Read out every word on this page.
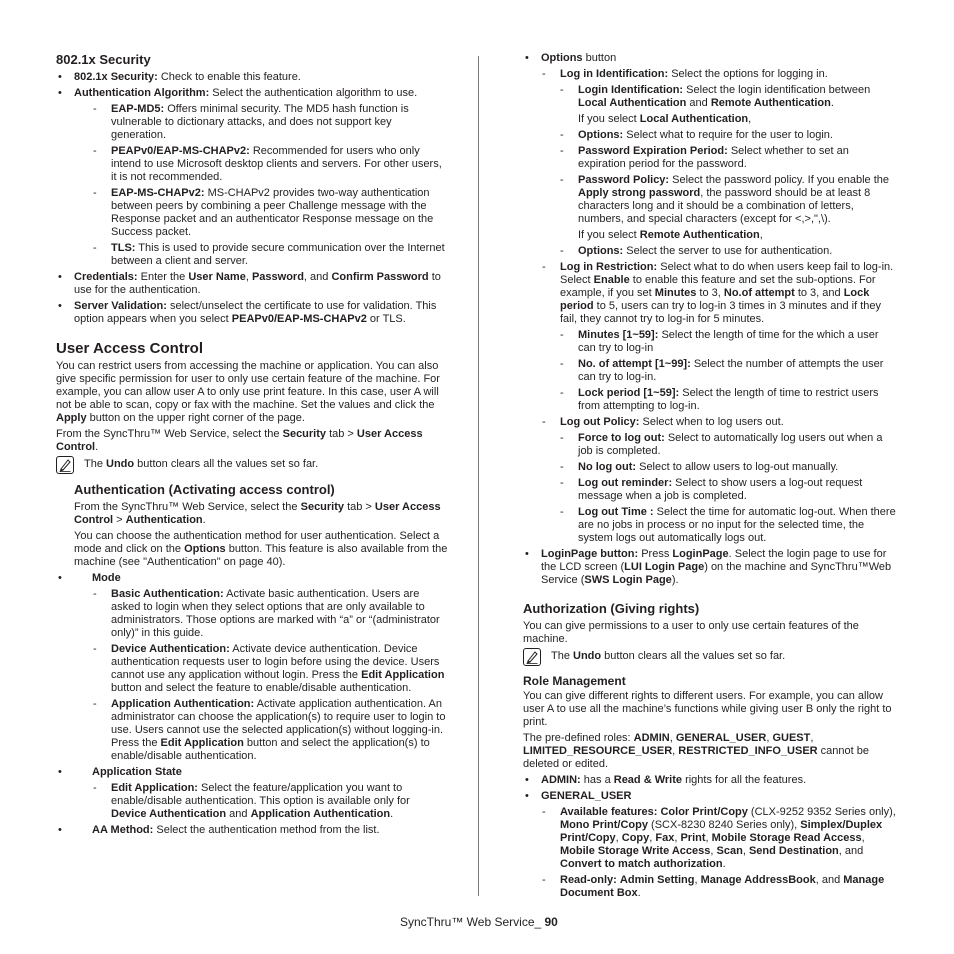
802.1x Security
• 802.1x Security: Check to enable this feature.
• Authentication Algorithm: Select the authentication algorithm to use.
- EAP-MD5: Offers minimal security. The MD5 hash function is vulnerable to dictionary attacks, and does not support key generation.
- PEAPv0/EAP-MS-CHAPv2: Recommended for users who only intend to use Microsoft desktop clients and servers. For other users, it is not recommended.
- EAP-MS-CHAPv2: MS-CHAPv2 provides two-way authentication between peers by combining a peer Challenge message with the Response packet and an authenticator Response message on the Success packet.
- TLS: This is used to provide secure communication over the Internet between a client and server.
• Credentials: Enter the User Name, Password, and Confirm Password to use for the authentication.
• Server Validation: select/unselect the certificate to use for validation. This option appears when you select PEAPv0/EAP-MS-CHAPv2 or TLS.
User Access Control

You can restrict users from accessing the machine or application. You can also give specific permission for user to only use certain feature of the machine. For example, you can allow user A to only use print feature. In this case, user A will not be able to scan, copy or fax with the machine. Set the values and click the Apply button on the upper right corner of the page.

From the SyncThru™ Web Service, select the Security tab > User Access Control.

The Undo button clears all the values set so far.
Authentication (Activating access control)

From the SyncThru™ Web Service, select the Security tab > User Access Control > Authentication.

You can choose the authentication method for user authentication. Select a mode and click on the Options button. This feature is also available from the machine (see "Authentication" on page 40).

• Mode
- Basic Authentication: Activate basic authentication. Users are asked to login when they select options that are only available to administrators. Those options are marked with “a” or “(administrator only)” in this guide.
- Device Authentication: Activate device authentication. Device authentication requests user to login before using the device. Users cannot use any application without login. Press the Edit Application button and select the feature to enable/disable authentication.
- Application Authentication: Activate application authentication. An administrator can choose the application(s) to require user to login to use. Users cannot use the selected application(s) without logging-in. Press the Edit Application button and select the application(s) to enable/disable authentication.
• Application State
- Edit Application: Select the feature/application you want to enable/disable authentication. This option is available only for Device Authentication and Application Authentication.
• AA Method: Select the authentication method from the list.
• Options button
- Log in Identification: Select the options for logging in.
- Login Identification: Select the login identification between Local Authentication and Remote Authentication.

If you select Local Authentication,

- Options: Select what to require for the user to login.
- Password Expiration Period: Select whether to set an expiration period for the password.
- Password Policy: Select the password policy. If you enable the Apply strong password, the password should be at least 8 characters long and it should be a combination of letters, numbers, and special characters (except for <,>,",\).

If you select Remote Authentication,

- Options: Select the server to use for authentication.
- Log in Restriction: Select what to do when users keep fail to log-in. Select Enable to enable this feature and set the sub-options. For example, if you set Minutes to 3, No.of attempt to 3, and Lock period to 5, users can try to log-in 3 times in 3 minutes and if they fail, they cannot try to log-in for 5 minutes.
- Minutes [1~59]: Select the length of time for the which a user can try to log-in
- No. of attempt [1~99]: Select the number of attempts the user can try to log-in.
- Lock period [1~59]: Select the length of time to restrict users from attempting to log-in.
- Log out Policy: Select when to log users out.
- Force to log out: Select to automatically log users out when a job is completed.
- No log out: Select to allow users to log-out manually.
- Log out reminder: Select to show users a log-out request message when a job is completed.
- Log out Time : Select the time for automatic log-out. When there are no jobs in process or no input for the selected time, the system logs out automatically logs out.
• LoginPage button: Press LoginPage. Select the login page to use for the LCD screen (LUI Login Page) on the machine and SyncThru™Web Service (SWS Login Page).
Authorization (Giving rights)

You can give permissions to a user to only use certain features of the machine.

The Undo button clears all the values set so far.
Role Management

You can give different rights to different users. For example, you can allow user A to use all the machine’s functions while giving user B only the right to print.

The pre-defined roles: ADMIN, GENERAL_USER, GUEST, LIMITED_RESOURCE_USER, RESTRICTED_INFO_USER cannot be deleted or edited.

• ADMIN: has a Read & Write rights for all the features.
• GENERAL_USER
- Available features: Color Print/Copy (CLX-9252 9352 Series only), Mono Print/Copy (SCX-8230 8240 Series only), Simplex/Duplex Print/Copy, Copy, Fax, Print, Mobile Storage Read Access, Mobile Storage Write Access, Scan, Send Destination, and Convert to match authorization.
- Read-only: Admin Setting, Manage AddressBook, and Manage Document Box.
SyncThru™ Web Service_ 90
